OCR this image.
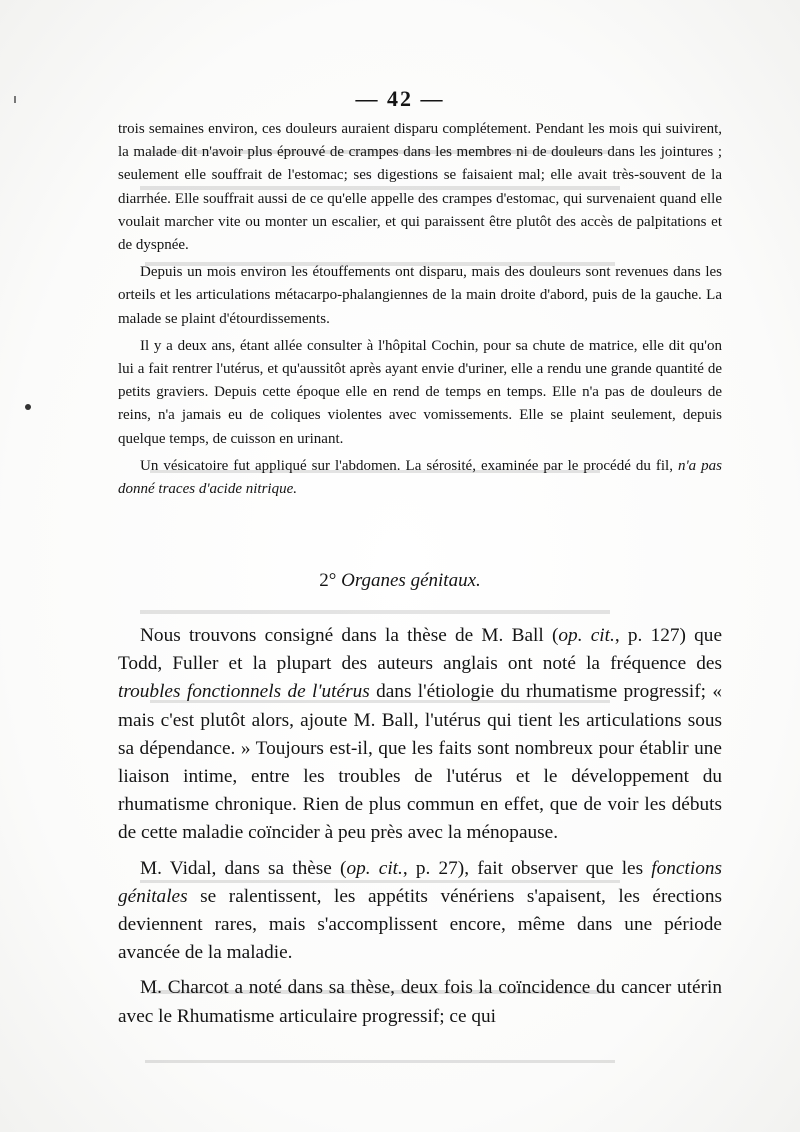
— 42 —

trois semaines environ, ces douleurs auraient disparu complétement. Pendant les mois qui suivirent, la malade dit n'avoir plus éprouvé de crampes dans les membres ni de douleurs dans les jointures ; seulement elle souffrait de l'estomac; ses digestions se faisaient mal; elle avait très-souvent de la diarrhée. Elle souffrait aussi de ce qu'elle appelle des crampes d'estomac, qui survenaient quand elle voulait marcher vite ou monter un escalier, et qui paraissent être plutôt des accès de palpitations et de dyspnée.

Depuis un mois environ les étouffements ont disparu, mais des douleurs sont revenues dans les orteils et les articulations métacarpo-phalangiennes de la main droite d'abord, puis de la gauche. La malade se plaint d'étourdissements.

Il y a deux ans, étant allée consulter à l'hôpital Cochin, pour sa chute de matrice, elle dit qu'on lui a fait rentrer l'utérus, et qu'aussitôt après ayant envie d'uriner, elle a rendu une grande quantité de petits graviers. Depuis cette époque elle en rend de temps en temps. Elle n'a pas de douleurs de reins, n'a jamais eu de coliques violentes avec vomissements. Elle se plaint seulement, depuis quelque temps, de cuisson en urinant.

Un vésicatoire fut appliqué sur l'abdomen. La sérosité, examinée par le procédé du fil, n'a pas donné traces d'acide nitrique.

2° Organes génitaux.

Nous trouvons consigné dans la thèse de M. Ball (op. cit., p. 127) que Todd, Fuller et la plupart des auteurs anglais ont noté la fréquence des troubles fonctionnels de l'utérus dans l'étiologie du rhumatisme progressif; « mais c'est plutôt alors, ajoute M. Ball, l'utérus qui tient les articulations sous sa dépendance. » Toujours est-il, que les faits sont nombreux pour établir une liaison intime, entre les troubles de l'utérus et le développement du rhumatisme chronique. Rien de plus commun en effet, que de voir les débuts de cette maladie coïncider à peu près avec la ménopause.

M. Vidal, dans sa thèse (op. cit., p. 27), fait observer que les fonctions génitales se ralentissent, les appétits vénériens s'apaisent, les érections deviennent rares, mais s'accomplissent encore, même dans une période avancée de la maladie.

M. Charcot a noté dans sa thèse, deux fois la coïncidence du cancer utérin avec le Rhumatisme articulaire progressif; ce qui
